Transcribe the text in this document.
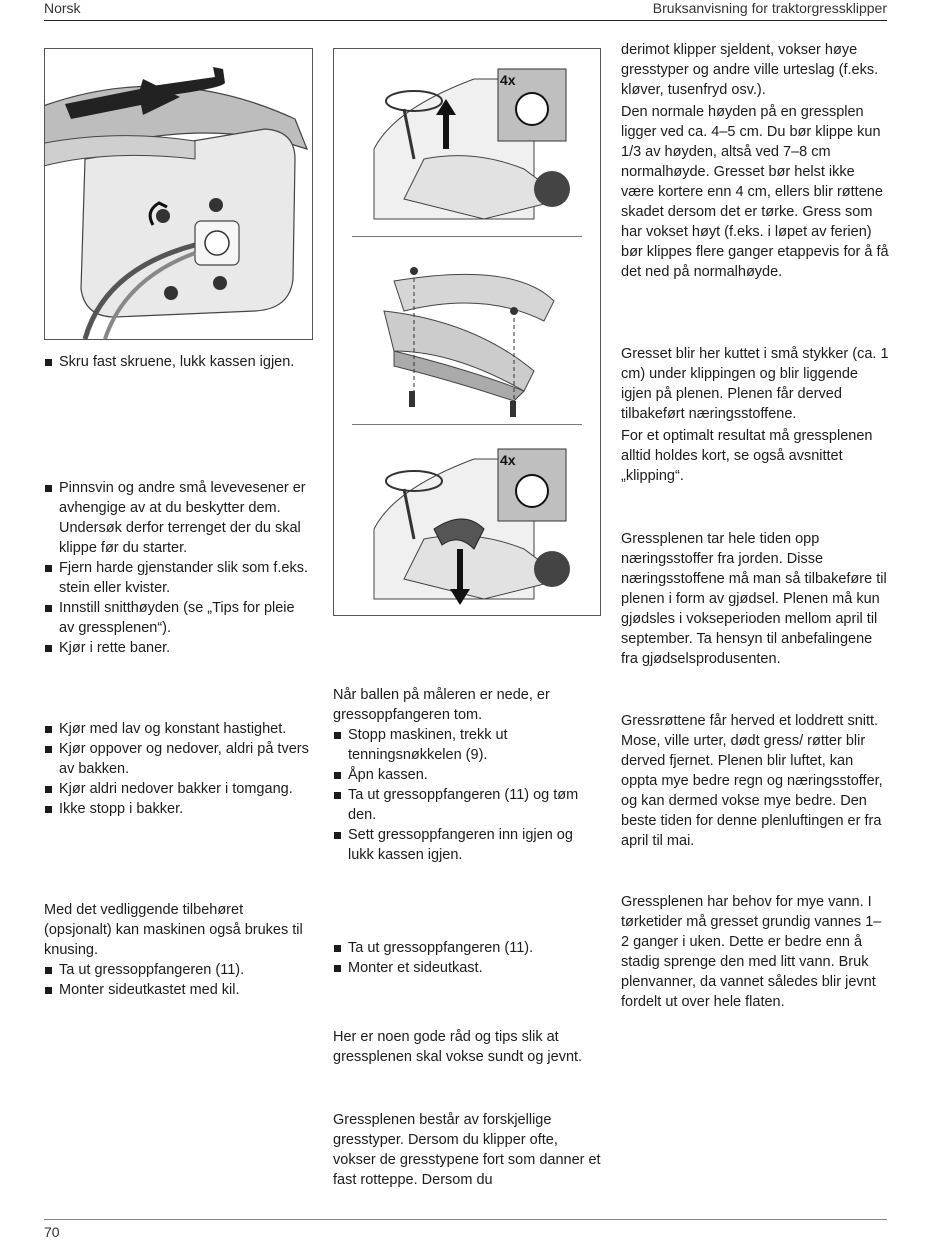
Norsk	Bruksanvisning for traktorgressklipper
70
4x
4x
Skru fast skruene, lukk kassen igjen.
Pinnsvin og andre små levevesener er avhengige av at du beskytter dem. Undersøk derfor terrenget der du skal klippe før du starter.
Fjern harde gjenstander slik som f.eks. stein eller kvister.
Innstill snitthøyden (se „Tips for pleie av gressplenen“).
Kjør i rette baner.
Kjør med lav og konstant hastighet.
Kjør oppover og nedover, aldri på tvers av bakken.
Kjør aldri nedover bakker i tomgang.
Ikke stopp i bakker.

Med det vedliggende tilbehøret (opsjonalt) kan maskinen også brukes til knusing.

Ta ut gressoppfangeren (11).
Monter sideutkastet med kil.

Når ballen på måleren er nede, er gressoppfangeren tom.

Stopp maskinen, trekk ut tenningsnøkkelen (9).
Åpn kassen.
Ta ut gressoppfangeren (11) og tøm den.
Sett gressoppfangeren inn igjen og lukk kassen igjen.
Ta ut gressoppfangeren (11).
Monter et sideutkast.

Her er noen gode råd og tips slik at gressplenen skal vokse sundt og jevnt.

Gressplenen består av forskjellige gresstyper. Dersom du klipper ofte, vokser de gresstypene fort som danner et fast rotteppe. Dersom du

derimot klipper sjeldent, vokser høye gresstyper og andre ville urteslag (f.eks. kløver, tusenfryd osv.).

Den normale høyden på en gressplen ligger ved ca. 4–5 cm. Du bør klippe kun 1/3 av høyden, altså ved 7–8 cm normalhøyde. Gresset bør helst ikke være kortere enn 4 cm, ellers blir røttene skadet dersom det er tørke. Gress som har vokset høyt (f.eks. i løpet av ferien) bør klippes flere ganger etappevis for å få det ned på normalhøyde.

Gresset blir her kuttet i små stykker (ca. 1 cm) under klippingen og blir liggende igjen på plenen. Plenen får derved tilbakeført næringsstoffene.

For et optimalt resultat må gressplenen alltid holdes kort, se også avsnittet „klipping“.

Gressplenen tar hele tiden opp næringsstoffer fra jorden. Disse næringsstoffene må man så tilbakeføre til plenen i form av gjødsel. Plenen må kun gjødsles i vokseperioden mellom april til september. Ta hensyn til anbefalingene fra gjødselsprodusenten.

Gressrøttene får herved et loddrett snitt. Mose, ville urter, dødt gress/ røtter blir derved fjernet. Plenen blir luftet, kan oppta mye bedre regn og næringsstoffer, og kan dermed vokse mye bedre. Den beste tiden for denne plenluftingen er fra april til mai.

Gressplenen har behov for mye vann. I tørketider må gresset grundig vannes 1–2 ganger i uken. Dette er bedre enn å stadig sprenge den med litt vann. Bruk plenvanner, da vannet således blir jevnt fordelt ut over hele flaten.
